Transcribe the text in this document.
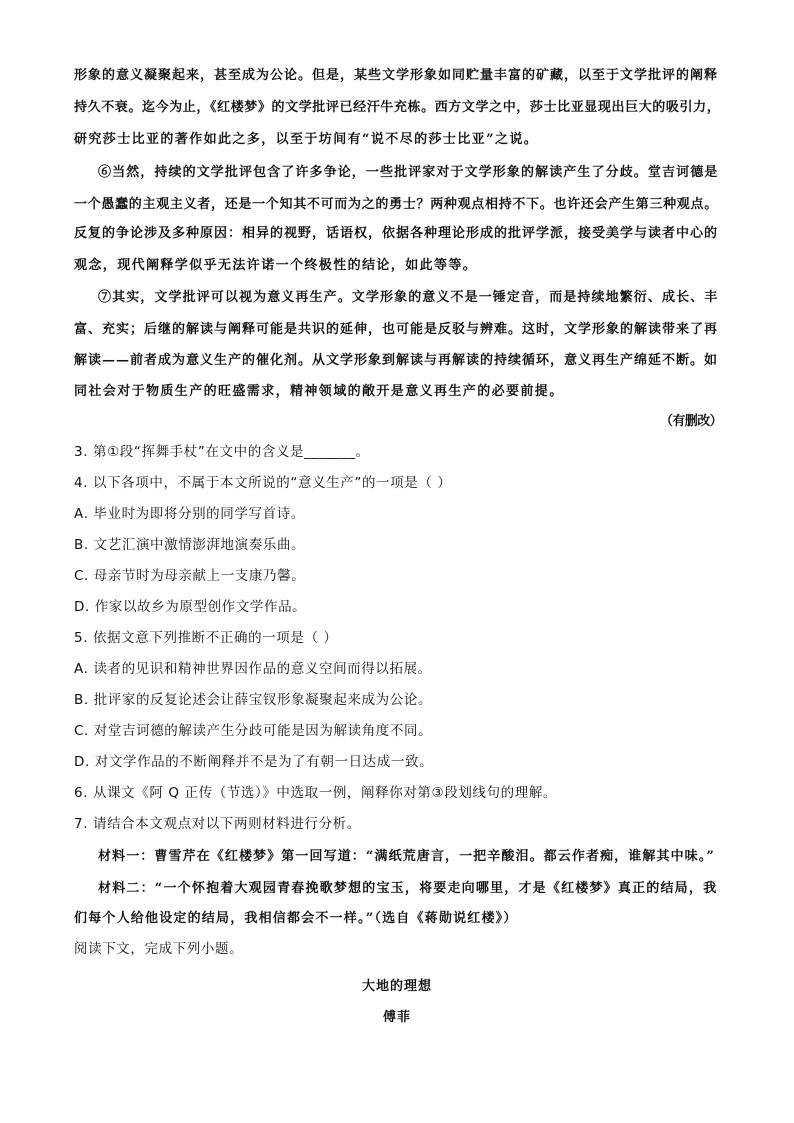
形象的意义凝聚起来，甚至成为公论。但是，某些文学形象如同贮量丰富的矿藏，以至于文学批评的阐释

持久不衰。迄今为止，《红楼梦》的文学批评已经汗牛充栋。西方文学之中，莎士比亚显现出巨大的吸引力，

研究莎士比亚的著作如此之多，以至于坊间有“说不尽的莎士比亚”之说。

⑥当然，持续的文学批评包含了许多争论，一些批评家对于文学形象的解读产生了分歧。堂吉诃德是

一个愚蠢的主观主义者，还是一个知其不可而为之的勇士？两种观点相持不下。也许还会产生第三种观点。

反复的争论涉及多种原因：相异的视野，话语权，依据各种理论形成的批评学派，接受美学与读者中心的

观念，现代阐释学似乎无法许诺一个终极性的结论，如此等等。

⑦其实，文学批评可以视为意义再生产。文学形象的意义不是一锤定音，而是持续地繁衍、成长、丰

富、充实；后继的解读与阐释可能是共识的延伸，也可能是反驳与辨难。这时，文学形象的解读带来了再

解读——前者成为意义生产的催化剂。从文学形象到解读与再解读的持续循环，意义再生产绵延不断。如

同社会对于物质生产的旺盛需求，精神领域的敞开是意义再生产的必要前提。

（有删改）

3. 第①段“挥舞手杖”在文中的含义是_______。

4. 以下各项中，不属于本文所说的“意义生产”的一项是（ ）

A. 毕业时为即将分别的同学写首诗。

B. 文艺汇演中激情澎湃地演奏乐曲。

C. 母亲节时为母亲献上一支康乃馨。

D. 作家以故乡为原型创作文学作品。

5. 依据文意下列推断不正确的一项是（ ）

A. 读者的见识和精神世界因作品的意义空间而得以拓展。

B. 批评家的反复论述会让薛宝钗形象凝聚起来成为公论。

C. 对堂吉诃德的解读产生分歧可能是因为解读角度不同。

D. 对文学作品的不断阐释并不是为了有朝一日达成一致。

6. 从课文《阿 Q 正传（节选）》中选取一例，阐释你对第③段划线句的理解。

7. 请结合本文观点对以下两则材料进行分析。

材料一：曹雪芹在《红楼梦》第一回写道：“满纸荒唐言，一把辛酸泪。都云作者痴，谁解其中味。”

材料二：“一个怀抱着大观园青春挽歌梦想的宝玉，将要走向哪里，才是《红楼梦》真正的结局，我

们每个人给他设定的结局，我相信都会不一样。”（选自《蒋勋说红楼》）

阅读下文，完成下列小题。

大地的理想

傅菲
